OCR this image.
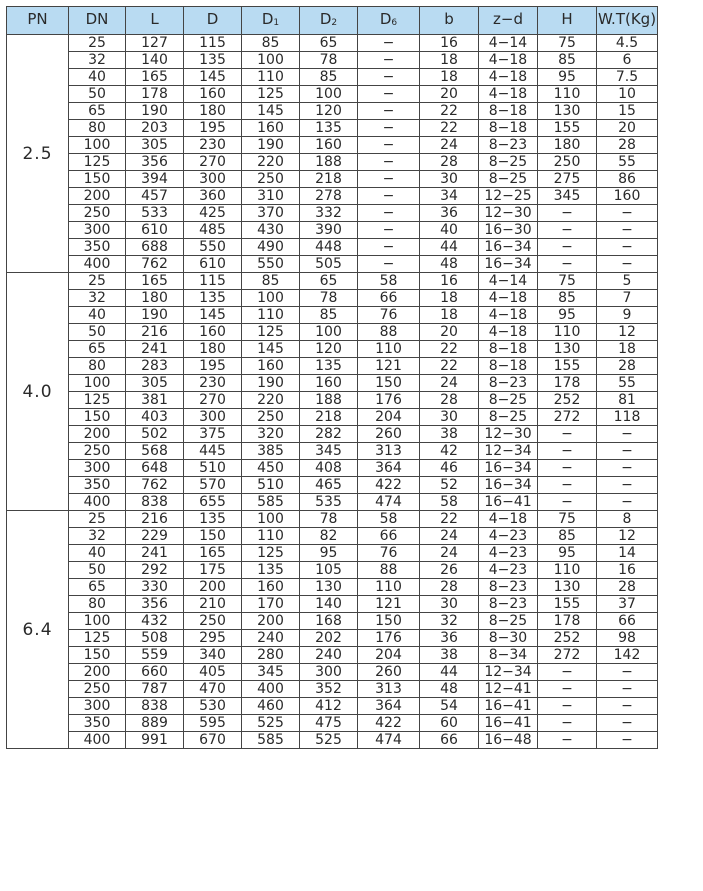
PN	DN	L	D	$D_1$	$D_2$	$D_6$	b	z−d	H	W.T(Kg)
2.5	25	127	115	85	65	−	16	4−14	75	4.5
	32	140	135	100	78	−	18	4−18	85	6
	40	165	145	110	85	−	18	4−18	95	7.5
	50	178	160	125	100	−	20	4−18	110	10
	65	190	180	145	120	−	22	8−18	130	15
	80	203	195	160	135	−	22	8−18	155	20
	100	305	230	190	160	−	24	8−23	180	28
	125	356	270	220	188	−	28	8−25	250	55
	150	394	300	250	218	−	30	8−25	275	86
	200	457	360	310	278	−	34	12−25	345	160
	250	533	425	370	332	−	36	12−30	−	−
	300	610	485	430	390	−	40	16−30	−	−
	350	688	550	490	448	−	44	16−34	−	−
	400	762	610	550	505	−	48	16−34	−	−
4.0	25	165	115	85	65	58	16	4−14	75	5
	32	180	135	100	78	66	18	4−18	85	7
	40	190	145	110	85	76	18	4−18	95	9
	50	216	160	125	100	88	20	4−18	110	12
	65	241	180	145	120	110	22	8−18	130	18
	80	283	195	160	135	121	22	8−18	155	28
	100	305	230	190	160	150	24	8−23	178	55
	125	381	270	220	188	176	28	8−25	252	81
	150	403	300	250	218	204	30	8−25	272	118
	200	502	375	320	282	260	38	12−30	−	−
	250	568	445	385	345	313	42	12−34	−	−
	300	648	510	450	408	364	46	16−34	−	−
	350	762	570	510	465	422	52	16−34	−	−
	400	838	655	585	535	474	58	16−41	−	−
6.4	25	216	135	100	78	58	22	4−18	75	8
	32	229	150	110	82	66	24	4−23	85	12
	40	241	165	125	95	76	24	4−23	95	14
	50	292	175	135	105	88	26	4−23	110	16
	65	330	200	160	130	110	28	8−23	130	28
	80	356	210	170	140	121	30	8−23	155	37
	100	432	250	200	168	150	32	8−25	178	66
	125	508	295	240	202	176	36	8−30	252	98
	150	559	340	280	240	204	38	8−34	272	142
	200	660	405	345	300	260	44	12−34	−	−
	250	787	470	400	352	313	48	12−41	−	−
	300	838	530	460	412	364	54	16−41	−	−
	350	889	595	525	475	422	60	16−41	−	−
	400	991	670	585	525	474	66	16−48	−	−
